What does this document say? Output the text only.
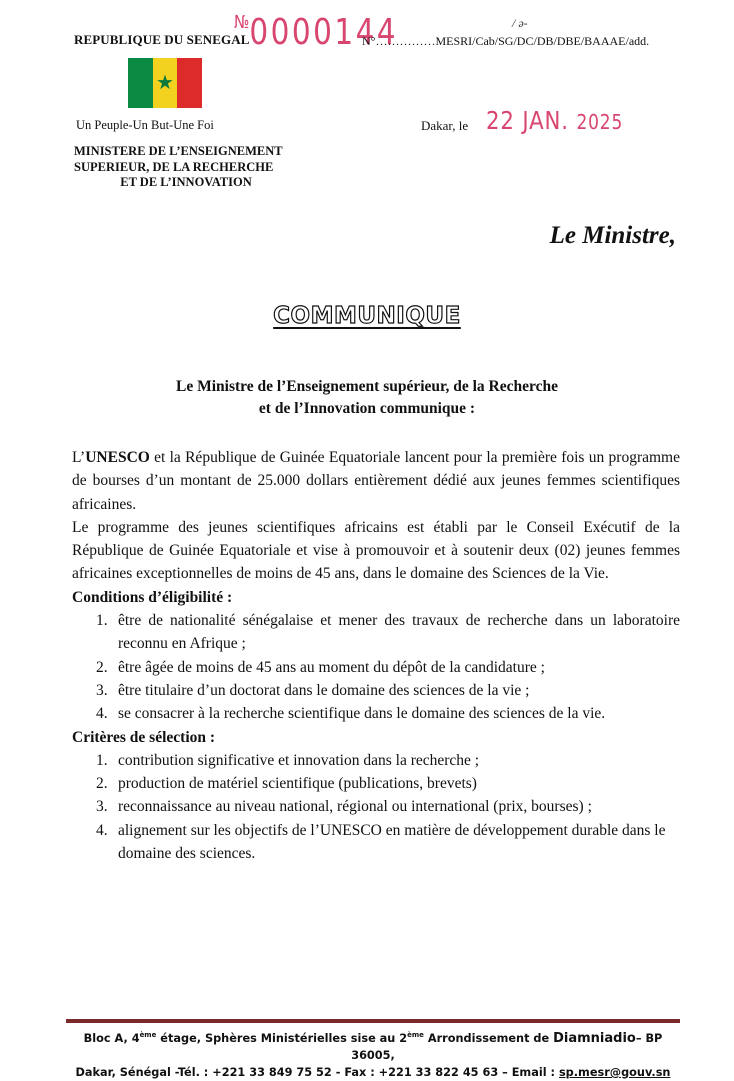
REPUBLIQUE DU SENEGAL
№0000144	/ ə-
N°……………MESRI/Cab/SG/DC/DB/DBE/BAAAE/add.
★
Un Peuple-Un But-Une Foi
MINISTERE DE L’ENSEIGNEMENT
SUPERIEUR, DE LA RECHERCHE
ET DE L’INNOVATION
Dakar, le 22 JAN. 2025
Le Ministre,
COMMUNIQUE
Le Ministre de l’Enseignement supérieur, de la Recherche
et de l’Innovation communique :

L’UNESCO et la République de Guinée Equatoriale lancent pour la première fois un programme de bourses d’un montant de 25.000 dollars entièrement dédié aux jeunes femmes scientifiques africaines.

Le programme des jeunes scientifiques africains est établi par le Conseil Exécutif de la République de Guinée Equatoriale et vise à promouvoir et à soutenir deux (02) jeunes femmes africaines exceptionnelles de moins de 45 ans, dans le domaine des Sciences de la Vie.

Conditions d’éligibilité :

1. être de nationalité sénégalaise et mener des travaux de recherche dans un laboratoire reconnu en Afrique ;
2. être âgée de moins de 45 ans au moment du dépôt de la candidature ;
3. être titulaire d’un doctorat dans le domaine des sciences de la vie ;
4. se consacrer à la recherche scientifique dans le domaine des sciences de la vie.

Critères de sélection :

1. contribution significative et innovation dans la recherche ;
2. production de matériel scientifique (publications, brevets)
3. reconnaissance au niveau national, régional ou international (prix, bourses) ;
4. alignement sur les objectifs de l’UNESCO en matière de développement durable dans le domaine des sciences.
Bloc A, 4ème étage, Sphères Ministérielles sise au 2ème Arrondissement de Diamniadio– BP 36005,
Dakar, Sénégal -Tél. : +221 33 849 75 52 - Fax : +221 33 822 45 63 – Email : sp.mesr@gouv.sn
